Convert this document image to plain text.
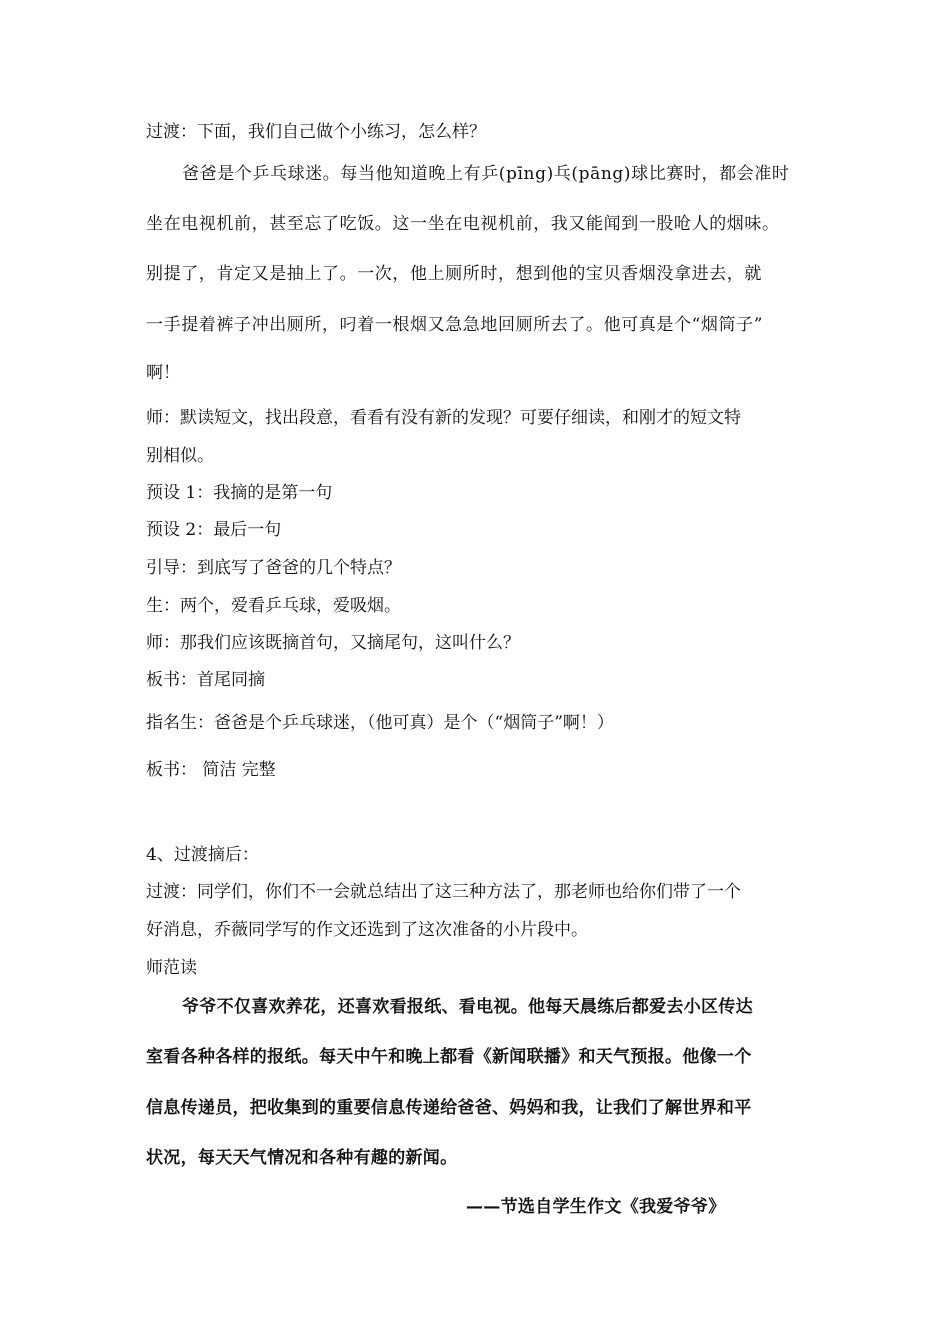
过渡：下面，我们自己做个小练习，怎么样？
爸爸是个乒乓球迷。每当他知道晚上有乒(pīng)乓(pāng)球比赛时，都会准时
坐在电视机前，甚至忘了吃饭。这一坐在电视机前，我又能闻到一股呛人的烟味。
别提了，肯定又是抽上了。一次，他上厕所时，想到他的宝贝香烟没拿进去，就
一手提着裤子冲出厕所，叼着一根烟又急急地回厕所去了。他可真是个“烟筒子”
啊！
师：默读短文，找出段意，看看有没有新的发现？可要仔细读，和刚才的短文特
别相似。
预设 1：我摘的是第一句
预设 2：最后一句
引导：到底写了爸爸的几个特点？
生：两个，爱看乒乓球，爱吸烟。
师：那我们应该既摘首句，又摘尾句，这叫什么？
板书：首尾同摘
指名生：爸爸是个乒乓球迷，（他可真）是个（“烟筒子”啊！）
板书： 简洁 完整
4、过渡摘后：
过渡：同学们，你们不一会就总结出了这三种方法了，那老师也给你们带了一个
好消息，乔薇同学写的作文还选到了这次准备的小片段中。
师范读
爷爷不仅喜欢养花，还喜欢看报纸、看电视。他每天晨练后都爱去小区传达
室看各种各样的报纸。每天中午和晚上都看《新闻联播》和天气预报。他像一个
信息传递员，把收集到的重要信息传递给爸爸、妈妈和我，让我们了解世界和平
状况，每天天气情况和各种有趣的新闻。
——节选自学生作文《我爱爷爷》
